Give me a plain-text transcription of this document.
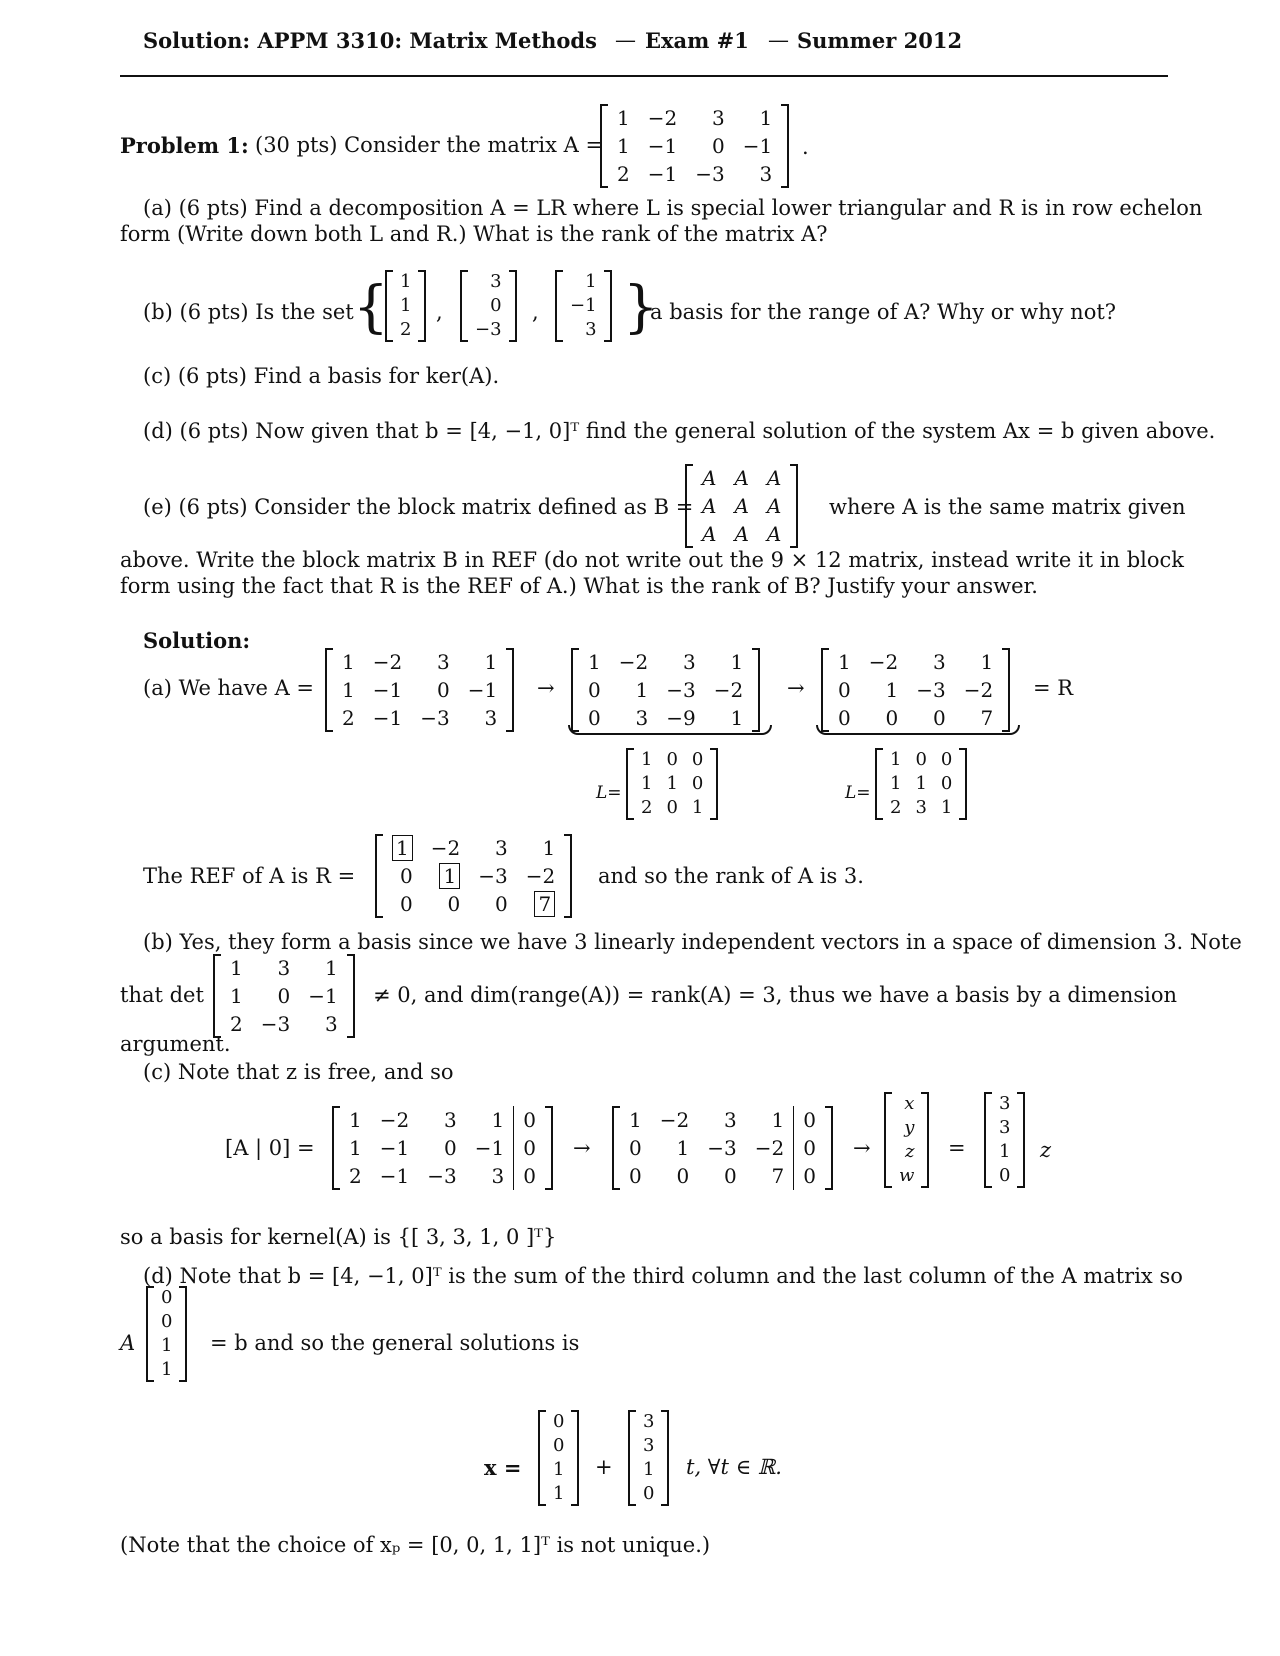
Solution: APPM 3310: Matrix Methods — Exam #1 — Summer 2012
Problem 1: (30 pts) Consider the matrix A =
1	−2	3	1
1	−1	0	−1
2	−1	−3	3
.
(a) (6 pts) Find a decomposition A = LR where L is special lower triangular and R is in row echelon
form (Write down both L and R.) What is the rank of the matrix A?
(b) (6 pts) Is the set { 1
1
2
,
3
0
−3
,
1
−1
3 }
a basis for the range of A? Why or why not?
(c) (6 pts) Find a basis for ker(A).
(d) (6 pts) Now given that b = [4, −1, 0]ᵀ find the general solution of the system Ax = b given above.
(e) (6 pts) Consider the block matrix defined as B =
A	A	A
A	A	A
A	A	A
where A is the same matrix given
above. Write the block matrix B in REF (do not write out the 9 × 12 matrix, instead write it in block
form using the fact that R is the REF of A.) What is the rank of B? Justify your answer.
Solution:
(a) We have A =
1	−2	3	1
1	−1	0	−1
2	−1	−3	3
→
1	−2	3	1
0	1	−3	−2
0	3	−9	1
→
1	−2	3	1
0	1	−3	−2
0	0	0	7
= R
L=
1	0	0
1	1	0
2	0	1
L=
1	0	0
1	1	0
2	3	1
The REF of A is R =
1	−2	3	1
0	1	−3	−2
0	0	0	7
and so the rank of A is 3.
(b) Yes, they form a basis since we have 3 linearly independent vectors in a space of dimension 3. Note
that det
1	3	1
1	0	−1
2	−3	3
≠ 0, and dim(range(A)) = rank(A) = 3, thus we have a basis by a dimension
argument.
(c) Note that z is free, and so
[A | 0] =
1	−2	3	1	0
1	−1	0	−1	0
2	−1	−3	3	0
→
1	−2	3	1	0
0	1	−3	−2	0
0	0	0	7	0
→
x
y
z
w
=
3
3
1
0
z
so a basis for kernel(A) is {[ 3, 3, 1, 0 ]ᵀ}
(d) Note that b = [4, −1, 0]ᵀ is the sum of the third column and the last column of the A matrix so
A
0
0
1
1
= b and so the general solutions is
x =
0
0
1
1
+
3
3
1
0
t, ∀t ∈ ℝ.
(Note that the choice of xₚ = [0, 0, 1, 1]ᵀ is not unique.)
